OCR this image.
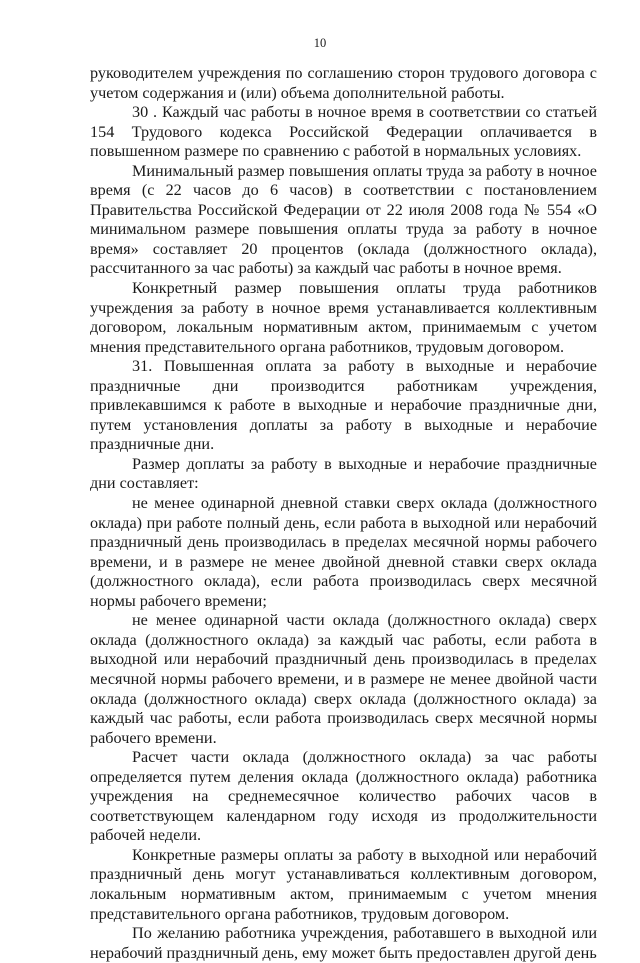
10

руководителем учреждения по соглашению сторон трудового договора с учетом содержания и (или) объема дополнительной работы.

30 . Каждый час работы в ночное время в соответствии со статьей 154 Трудового кодекса Российской Федерации оплачивается в повышенном размере по сравнению с работой в нормальных условиях.

Минимальный размер повышения оплаты труда за работу в ночное время (с 22 часов до 6 часов) в соответствии с постановлением Правительства Российской Федерации от 22 июля 2008 года № 554 «О минимальном размере повышения оплаты труда за работу в ночное время» составляет 20 процентов (оклада (должностного оклада), рассчитанного за час работы) за каждый час работы в ночное время.

Конкретный размер повышения оплаты труда работников учреждения за работу в ночное время устанавливается коллективным договором, локальным нормативным актом, принимаемым с учетом мнения представительного органа работников, трудовым договором.

31. Повышенная оплата за работу в выходные и нерабочие праздничные дни производится работникам учреждения, привлекавшимся к работе в выходные и нерабочие праздничные дни, путем установления доплаты за работу в выходные и нерабочие праздничные дни.

Размер доплаты за работу в выходные и нерабочие праздничные дни составляет:

не менее одинарной дневной ставки сверх оклада (должностного оклада) при работе полный день, если работа в выходной или нерабочий праздничный день производилась в пределах месячной нормы рабочего времени, и в размере не менее двойной дневной ставки сверх оклада (должностного оклада), если работа производилась сверх месячной нормы рабочего времени;

не менее одинарной части оклада (должностного оклада) сверх оклада (должностного оклада) за каждый час работы, если работа в выходной или нерабочий праздничный день производилась в пределах месячной нормы рабочего времени, и в размере не менее двойной части оклада (должностного оклада) сверх оклада (должностного оклада) за каждый час работы, если работа производилась сверх месячной нормы рабочего времени.

Расчет части оклада (должностного оклада) за час работы определяется путем деления оклада (должностного оклада) работника учреждения на среднемесячное количество рабочих часов в соответствующем календарном году исходя из продолжительности рабочей недели.

Конкретные размеры оплаты за работу в выходной или нерабочий праздничный день могут устанавливаться коллективным договором, локальным нормативным актом, принимаемым с учетом мнения представительного органа работников, трудовым договором.

По желанию работника учреждения, работавшего в выходной или нерабочий праздничный день, ему может быть предоставлен другой день
